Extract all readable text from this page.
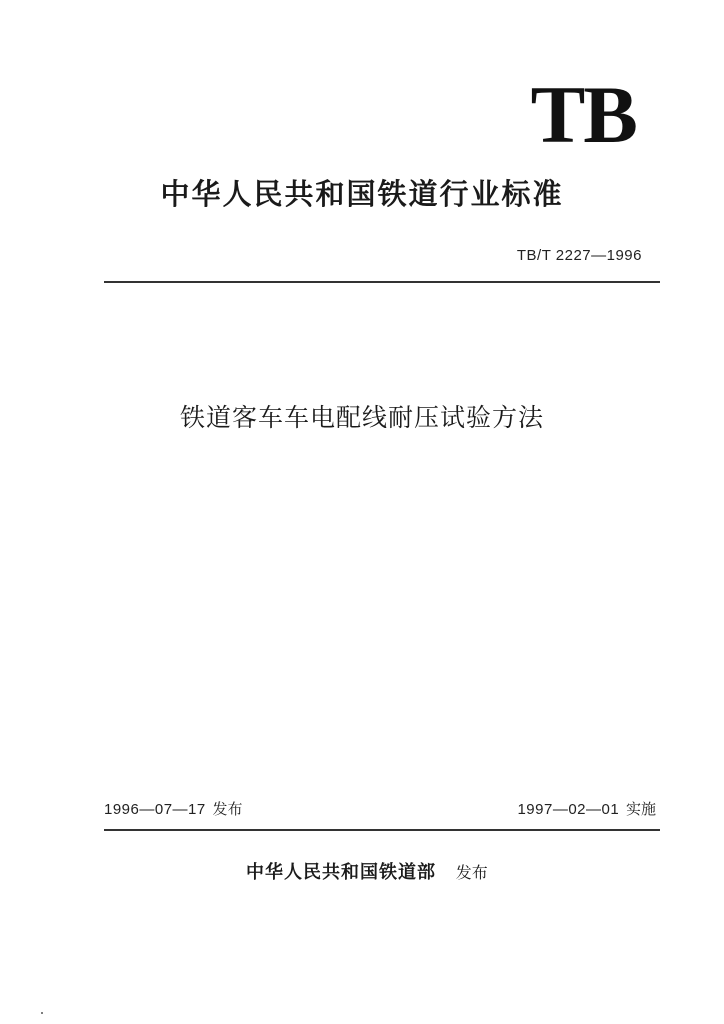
TB
中华人民共和国铁道行业标准
TB/T 2227—1996
铁道客车车电配线耐压试验方法
1996—07—17 发布	1997—02—01 实施
中华人民共和国铁道部 发布
